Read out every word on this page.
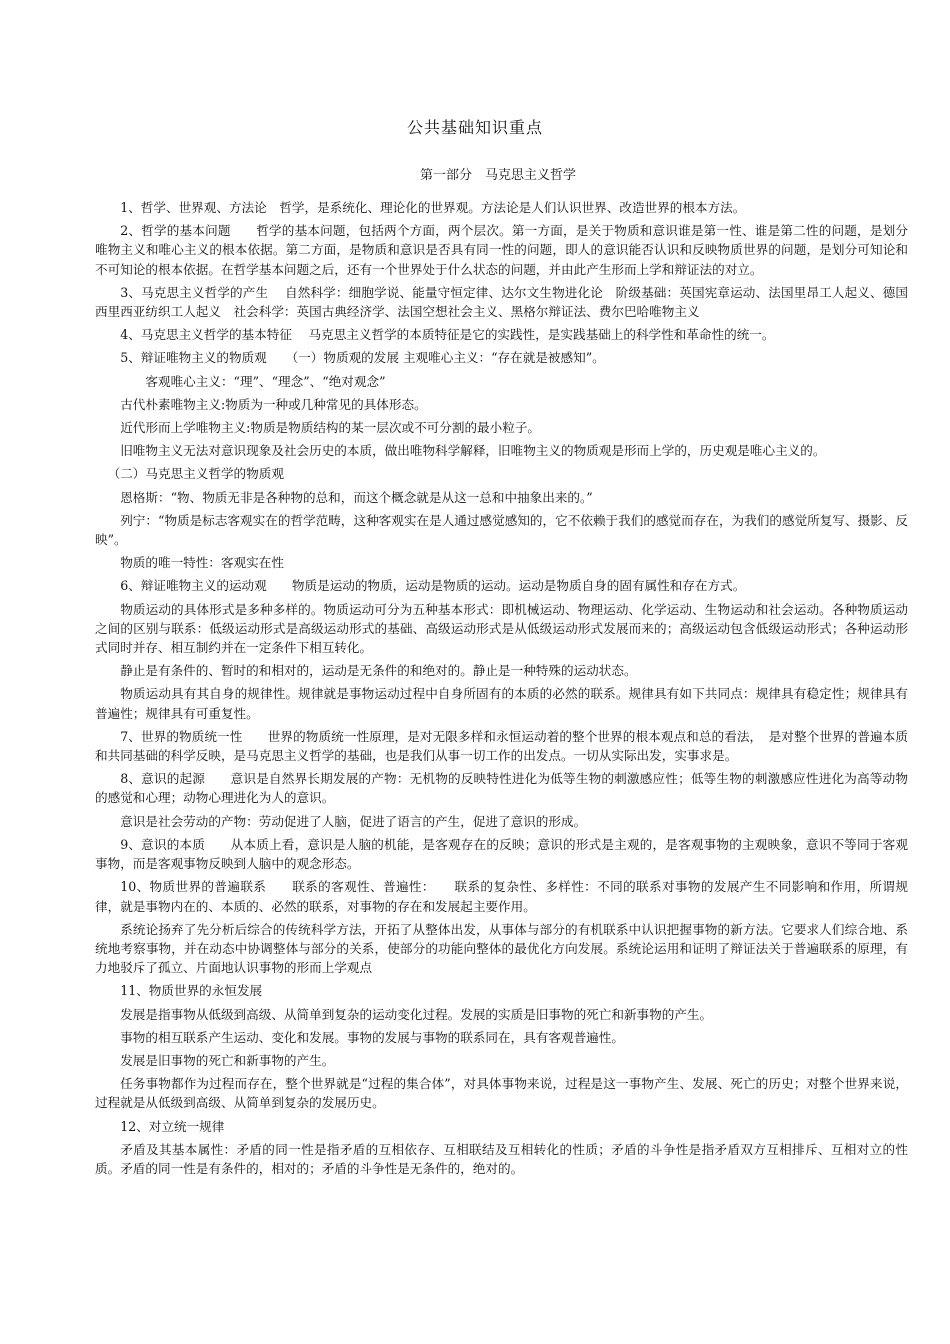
公共基础知识重点
第一部分　马克思主义哲学

1、哲学、世界观、方法论　哲学，是系统化、理论化的世界观。方法论是人们认识世界、改造世界的根本方法。

2、哲学的基本问题　　哲学的基本问题，包括两个方面，两个层次。第一方面，是关于物质和意识谁是第一性、谁是第二性的问题，是划分唯物主义和唯心主义的根本依据。第二方面，是物质和意识是否具有同一性的问题，即人的意识能否认识和反映物质世界的问题，是划分可知论和不可知论的根本依据。在哲学基本问题之后，还有一个世界处于什么状态的问题，并由此产生形而上学和辩证法的对立。

3、马克思主义哲学的产生　 自然科学：细胞学说、能量守恒定律、达尔文生物进化论　阶级基础：英国宪章运动、法国里昂工人起义、德国西里西亚纺织工人起义　社会科学：英国古典经济学、法国空想社会主义、黑格尔辩证法、费尔巴哈唯物主义

4、马克思主义哲学的基本特征　 马克思主义哲学的本质特征是它的实践性，是实践基础上的科学性和革命性的统一。

5、辩证唯物主义的物质观　　（一）物质观的发展 主观唯心主义：“存在就是被感知”。

客观唯心主义：“理”、“理念”、“绝对观念”

古代朴素唯物主义:物质为一种或几种常见的具体形态。

近代形而上学唯物主义:物质是物质结构的某一层次或不可分割的最小粒子。

旧唯物主义无法对意识现象及社会历史的本质，做出唯物科学解释，旧唯物主义的物质观是形而上学的，历史观是唯心主义的。

（二）马克思主义哲学的物质观

恩格斯：“物、物质无非是各种物的总和，而这个概念就是从这一总和中抽象出来的。”

列宁：“物质是标志客观实在的哲学范畴，这种客观实在是人通过感觉感知的，它不依赖于我们的感觉而存在，为我们的感觉所复写、摄影、反映”。

物质的唯一特性：客观实在性

6、辩证唯物主义的运动观　　物质是运动的物质，运动是物质的运动。运动是物质自身的固有属性和存在方式。

物质运动的具体形式是多种多样的。物质运动可分为五种基本形式：即机械运动、物理运动、化学运动、生物运动和社会运动。各种物质运动之间的区别与联系：低级运动形式是高级运动形式的基础、高级运动形式是从低级运动形式发展而来的；高级运动包含低级运动形式；各种运动形式同时并存、相互制约并在一定条件下相互转化。

静止是有条件的、暂时的和相对的，运动是无条件的和绝对的。静止是一种特殊的运动状态。

物质运动具有其自身的规律性。规律就是事物运动过程中自身所固有的本质的必然的联系。规律具有如下共同点：规律具有稳定性；规律具有普遍性；规律具有可重复性。

7、世界的物质统一性　　世界的物质统一性原理，是对无限多样和永恒运动着的整个世界的根本观点和总的看法，　是对整个世界的普遍本质和共同基础的科学反映，是马克思主义哲学的基础，也是我们从事一切工作的出发点。一切从实际出发，实事求是。

8、意识的起源　　意识是自然界长期发展的产物：无机物的反映特性进化为低等生物的刺激感应性；低等生物的刺激感应性进化为高等动物的感觉和心理；动物心理进化为人的意识。

意识是社会劳动的产物：劳动促进了人脑，促进了语言的产生，促进了意识的形成。

9、意识的本质　　从本质上看，意识是人脑的机能，是客观存在的反映；意识的形式是主观的，是客观事物的主观映象，意识不等同于客观事物，而是客观事物反映到人脑中的观念形态。

10、物质世界的普遍联系　　联系的客观性、普遍性：　　联系的复杂性、多样性：不同的联系对事物的发展产生不同影响和作用，所谓规律，就是事物内在的、本质的、必然的联系，对事物的存在和发展起主要作用。

系统论扬弃了先分析后综合的传统科学方法，开拓了从整体出发，从事体与部分的有机联系中认识把握事物的新方法。它要求人们综合地、系统地考察事物，并在动态中协调整体与部分的关系，使部分的功能向整体的最优化方向发展。系统论运用和证明了辩证法关于普遍联系的原理，有力地驳斥了孤立、片面地认识事物的形而上学观点

11、物质世界的永恒发展

发展是指事物从低级到高级、从简单到复杂的运动变化过程。发展的实质是旧事物的死亡和新事物的产生。

事物的相互联系产生运动、变化和发展。事物的发展与事物的联系同在，具有客观普遍性。

发展是旧事物的死亡和新事物的产生。

任务事物都作为过程而存在，整个世界就是“过程的集合体”，对具体事物来说，过程是这一事物产生、发展、死亡的历史；对整个世界来说，过程就是从低级到高级、从简单到复杂的发展历史。

12、对立统一规律

矛盾及其基本属性：矛盾的同一性是指矛盾的互相依存、互相联结及互相转化的性质；矛盾的斗争性是指矛盾双方互相排斥、互相对立的性质。矛盾的同一性是有条件的，相对的；矛盾的斗争性是无条件的，绝对的。
